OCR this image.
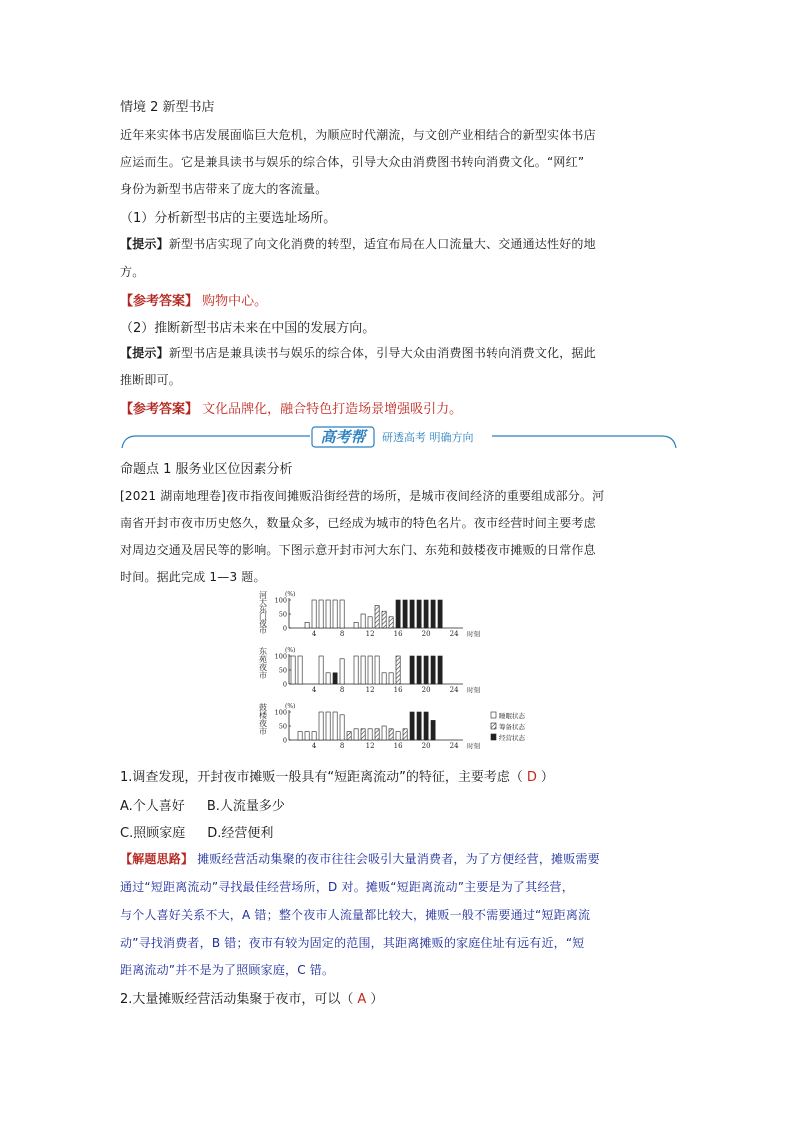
情境 2 新型书店
近年来实体书店发展面临巨大危机，为顺应时代潮流，与文创产业相结合的新型实体书店
应运而生。它是兼具读书与娱乐的综合体，引导大众由消费图书转向消费文化。“网红”
身份为新型书店带来了庞大的客流量。
（1）分析新型书店的主要选址场所。
【提示】新型书店实现了向文化消费的转型，适宜布局在人口流量大、交通通达性好的地
方。
【参考答案】 购物中心。
（2）推断新型书店未来在中国的发展方向。
【提示】新型书店是兼具读书与娱乐的综合体，引导大众由消费图书转向消费文化，据此
推断即可。
【参考答案】 文化品牌化，融合特色打造场景增强吸引力。
高考帮	研透高考 明确方向
命题点 1 服务业区位因素分析
[2021 湖南地理卷]夜市指夜间摊贩沿街经营的场所，是城市夜间经济的重要组成部分。河
南省开封市夜市历史悠久，数量众多，已经成为城市的特色名片。夜市经营时间主要考虑
对周边交通及居民等的影响。下图示意开封市河大东门、东苑和鼓楼夜市摊贩的日常作息
时间。据此完成 1—3 题。
河
大
东
门
夜
市
(%)
0
50
100
4	8	12	16	20	24 时刻
东
苑
夜
市
(%)
0
50
100
4	8	12	16	20	24 时刻
鼓
楼
夜
市
(%)
0
50
100
4	8	12	16	20	24 时刻
睡眠状态
筹备状态
经营状态
1.调查发现，开封夜市摊贩一般具有“短距离流动”的特征，主要考虑（ D ）
A.个人喜好 B.人流量多少
C.照顾家庭 D.经营便利
【解题思路】 摊贩经营活动集聚的夜市往往会吸引大量消费者，为了方便经营，摊贩需要
通过“短距离流动”寻找最佳经营场所，D 对。摊贩“短距离流动”主要是为了其经营，
与个人喜好关系不大，A 错；整个夜市人流量都比较大，摊贩一般不需要通过“短距离流
动”寻找消费者，B 错；夜市有较为固定的范围，其距离摊贩的家庭住址有远有近，“短
距离流动”并不是为了照顾家庭，C 错。
2.大量摊贩经营活动集聚于夜市，可以（ A ）
